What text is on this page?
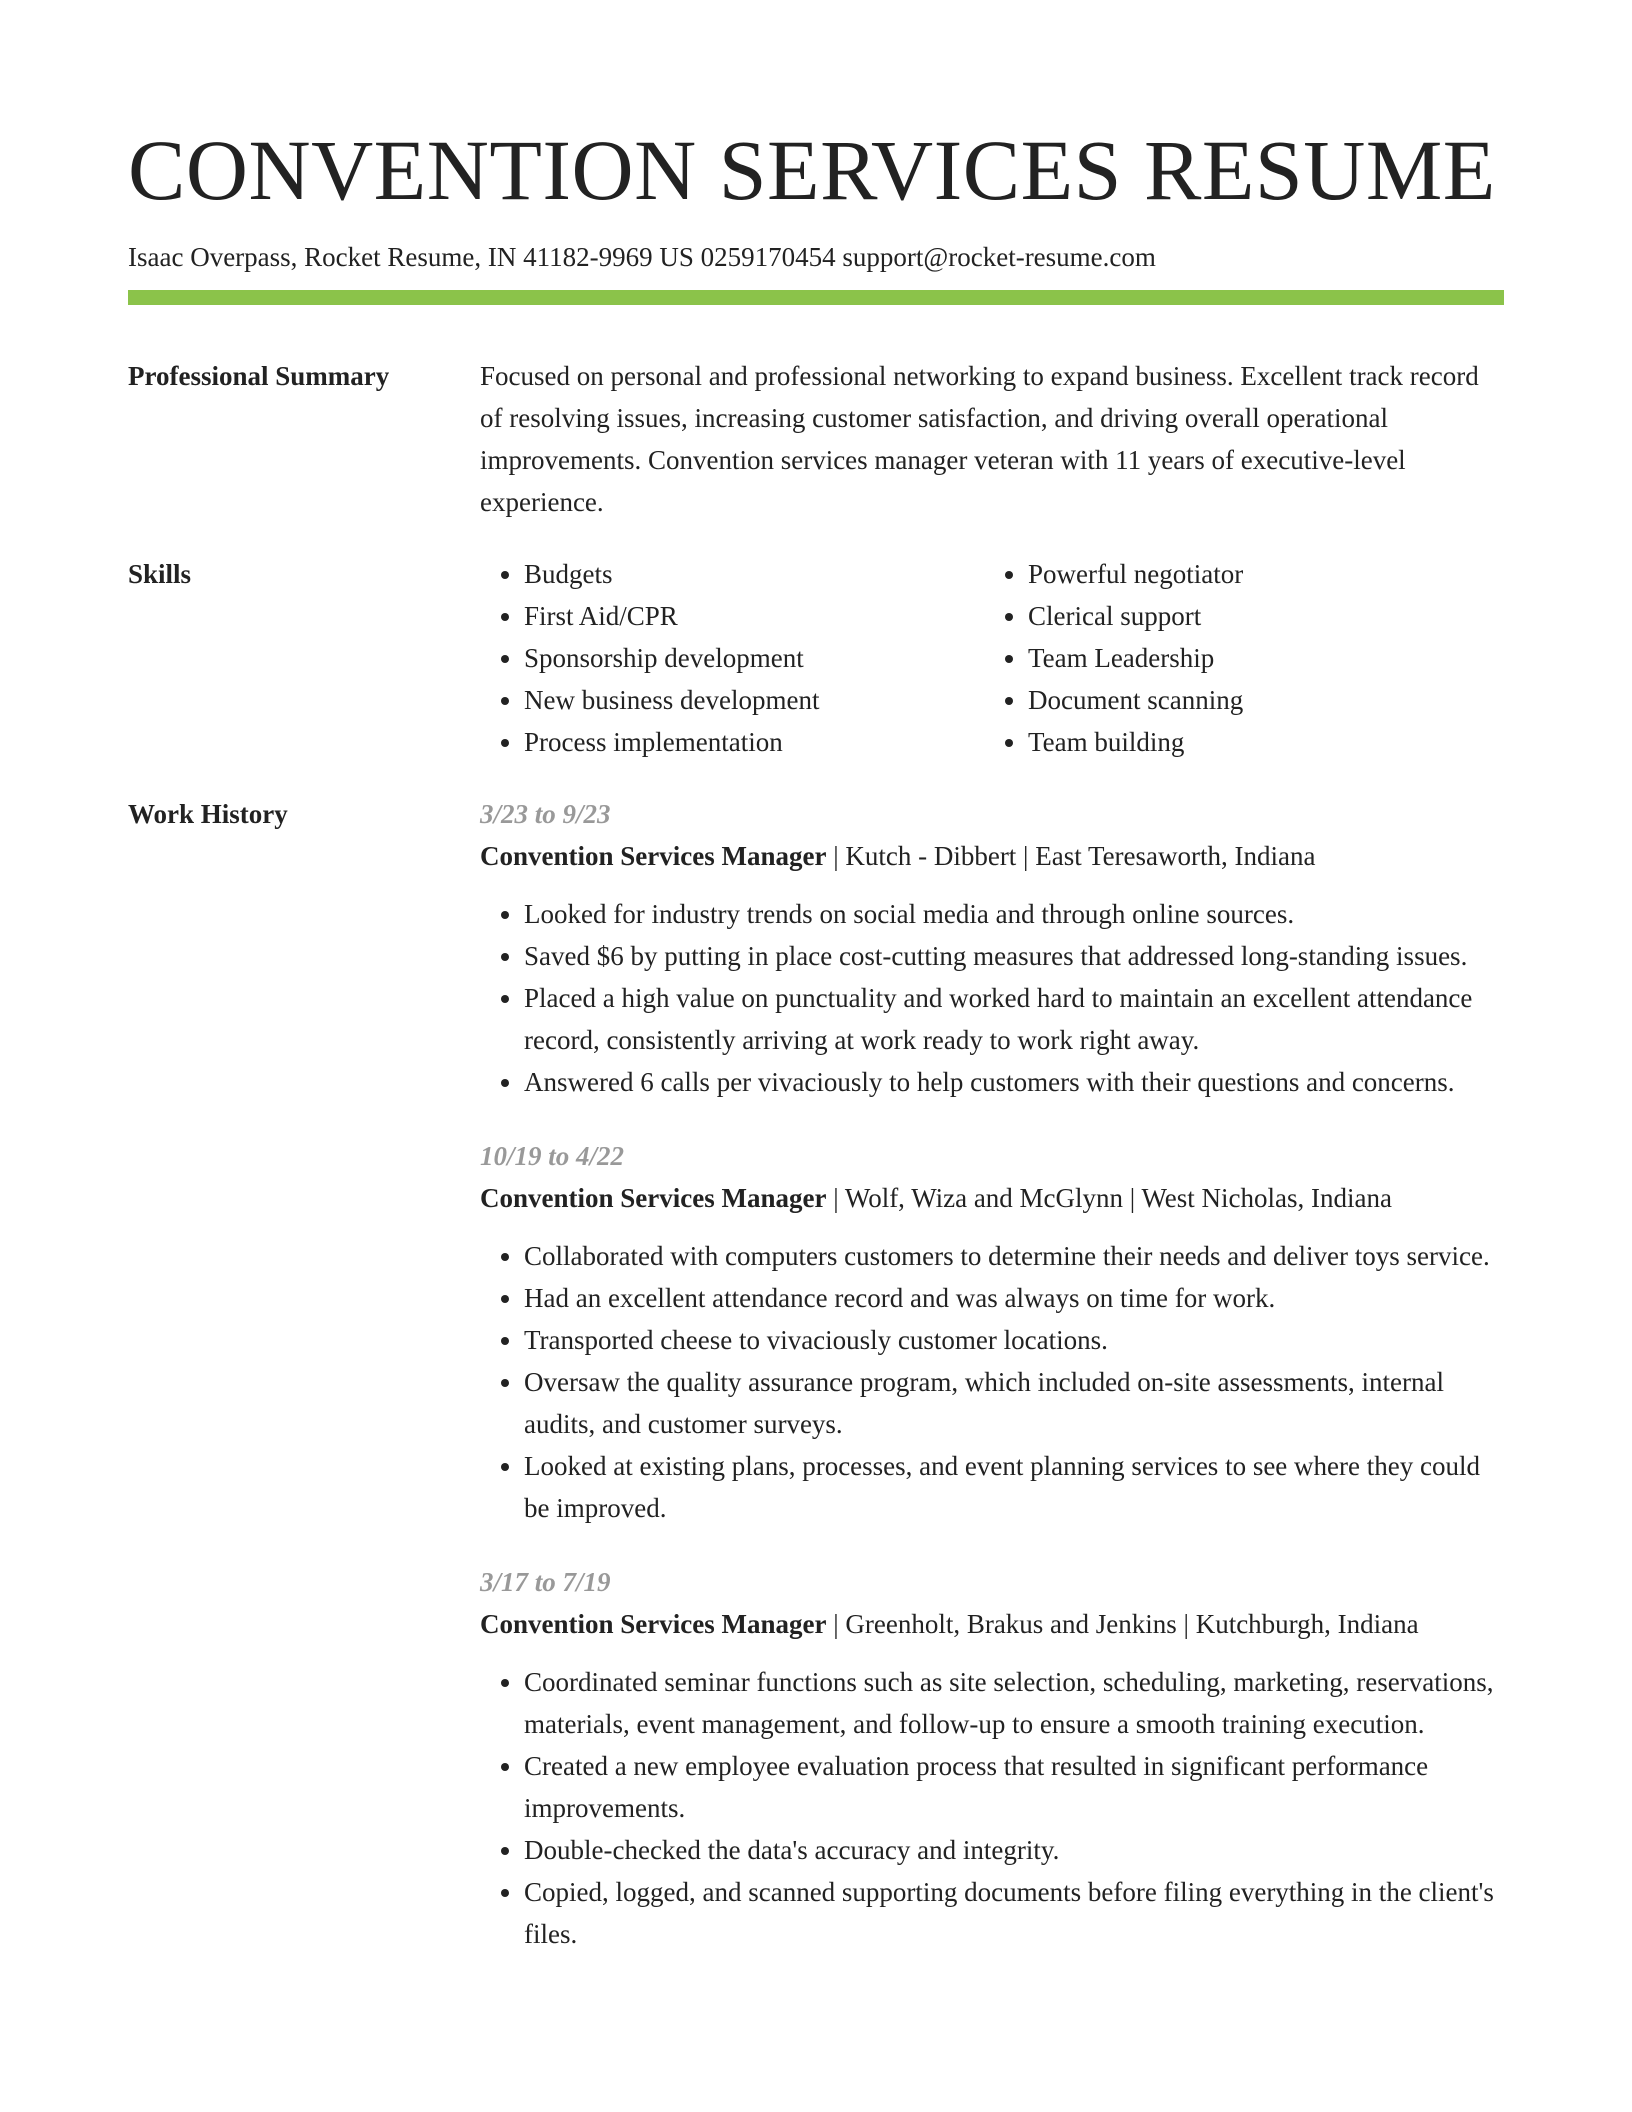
CONVENTION SERVICES RESUME
Isaac Overpass, Rocket Resume, IN 41182-9969 US 0259170454 support@rocket-resume.com
Professional Summary	Focused on personal and professional networking to expand business. Excellent track record of resolving issues, increasing customer satisfaction, and driving overall operational improvements. Convention services manager veteran with 11 years of executive-level experience.

Skills
•	Budgets
• First Aid/CPR
• Sponsorship development
• New business development
• Process implementation
• Powerful negotiator
• Clerical support
• Team Leadership
• Document scanning
• Team building
Work History	3/23 to 9/23
Convention Services Manager | Kutch - Dibbert | East Teresaworth, Indiana
• Looked for industry trends on social media and through online sources.
• Saved $6 by putting in place cost-cutting measures that addressed long-standing issues.
• Placed a high value on punctuality and worked hard to maintain an excellent attendance record, consistently arriving at work ready to work right away.
• Answered 6 calls per vivaciously to help customers with their questions and concerns.
10/19 to 4/22
Convention Services Manager | Wolf, Wiza and McGlynn | West Nicholas, Indiana
• Collaborated with computers customers to determine their needs and deliver toys service.
• Had an excellent attendance record and was always on time for work.
• Transported cheese to vivaciously customer locations.
• Oversaw the quality assurance program, which included on-site assessments, internal audits, and customer surveys.
• Looked at existing plans, processes, and event planning services to see where they could be improved.
3/17 to 7/19
Convention Services Manager | Greenholt, Brakus and Jenkins | Kutchburgh, Indiana
• Coordinated seminar functions such as site selection, scheduling, marketing, reservations, materials, event management, and follow-up to ensure a smooth training execution.
• Created a new employee evaluation process that resulted in significant performance improvements.
• Double-checked the data's accuracy and integrity.
• Copied, logged, and scanned supporting documents before filing everything in the client's files.
